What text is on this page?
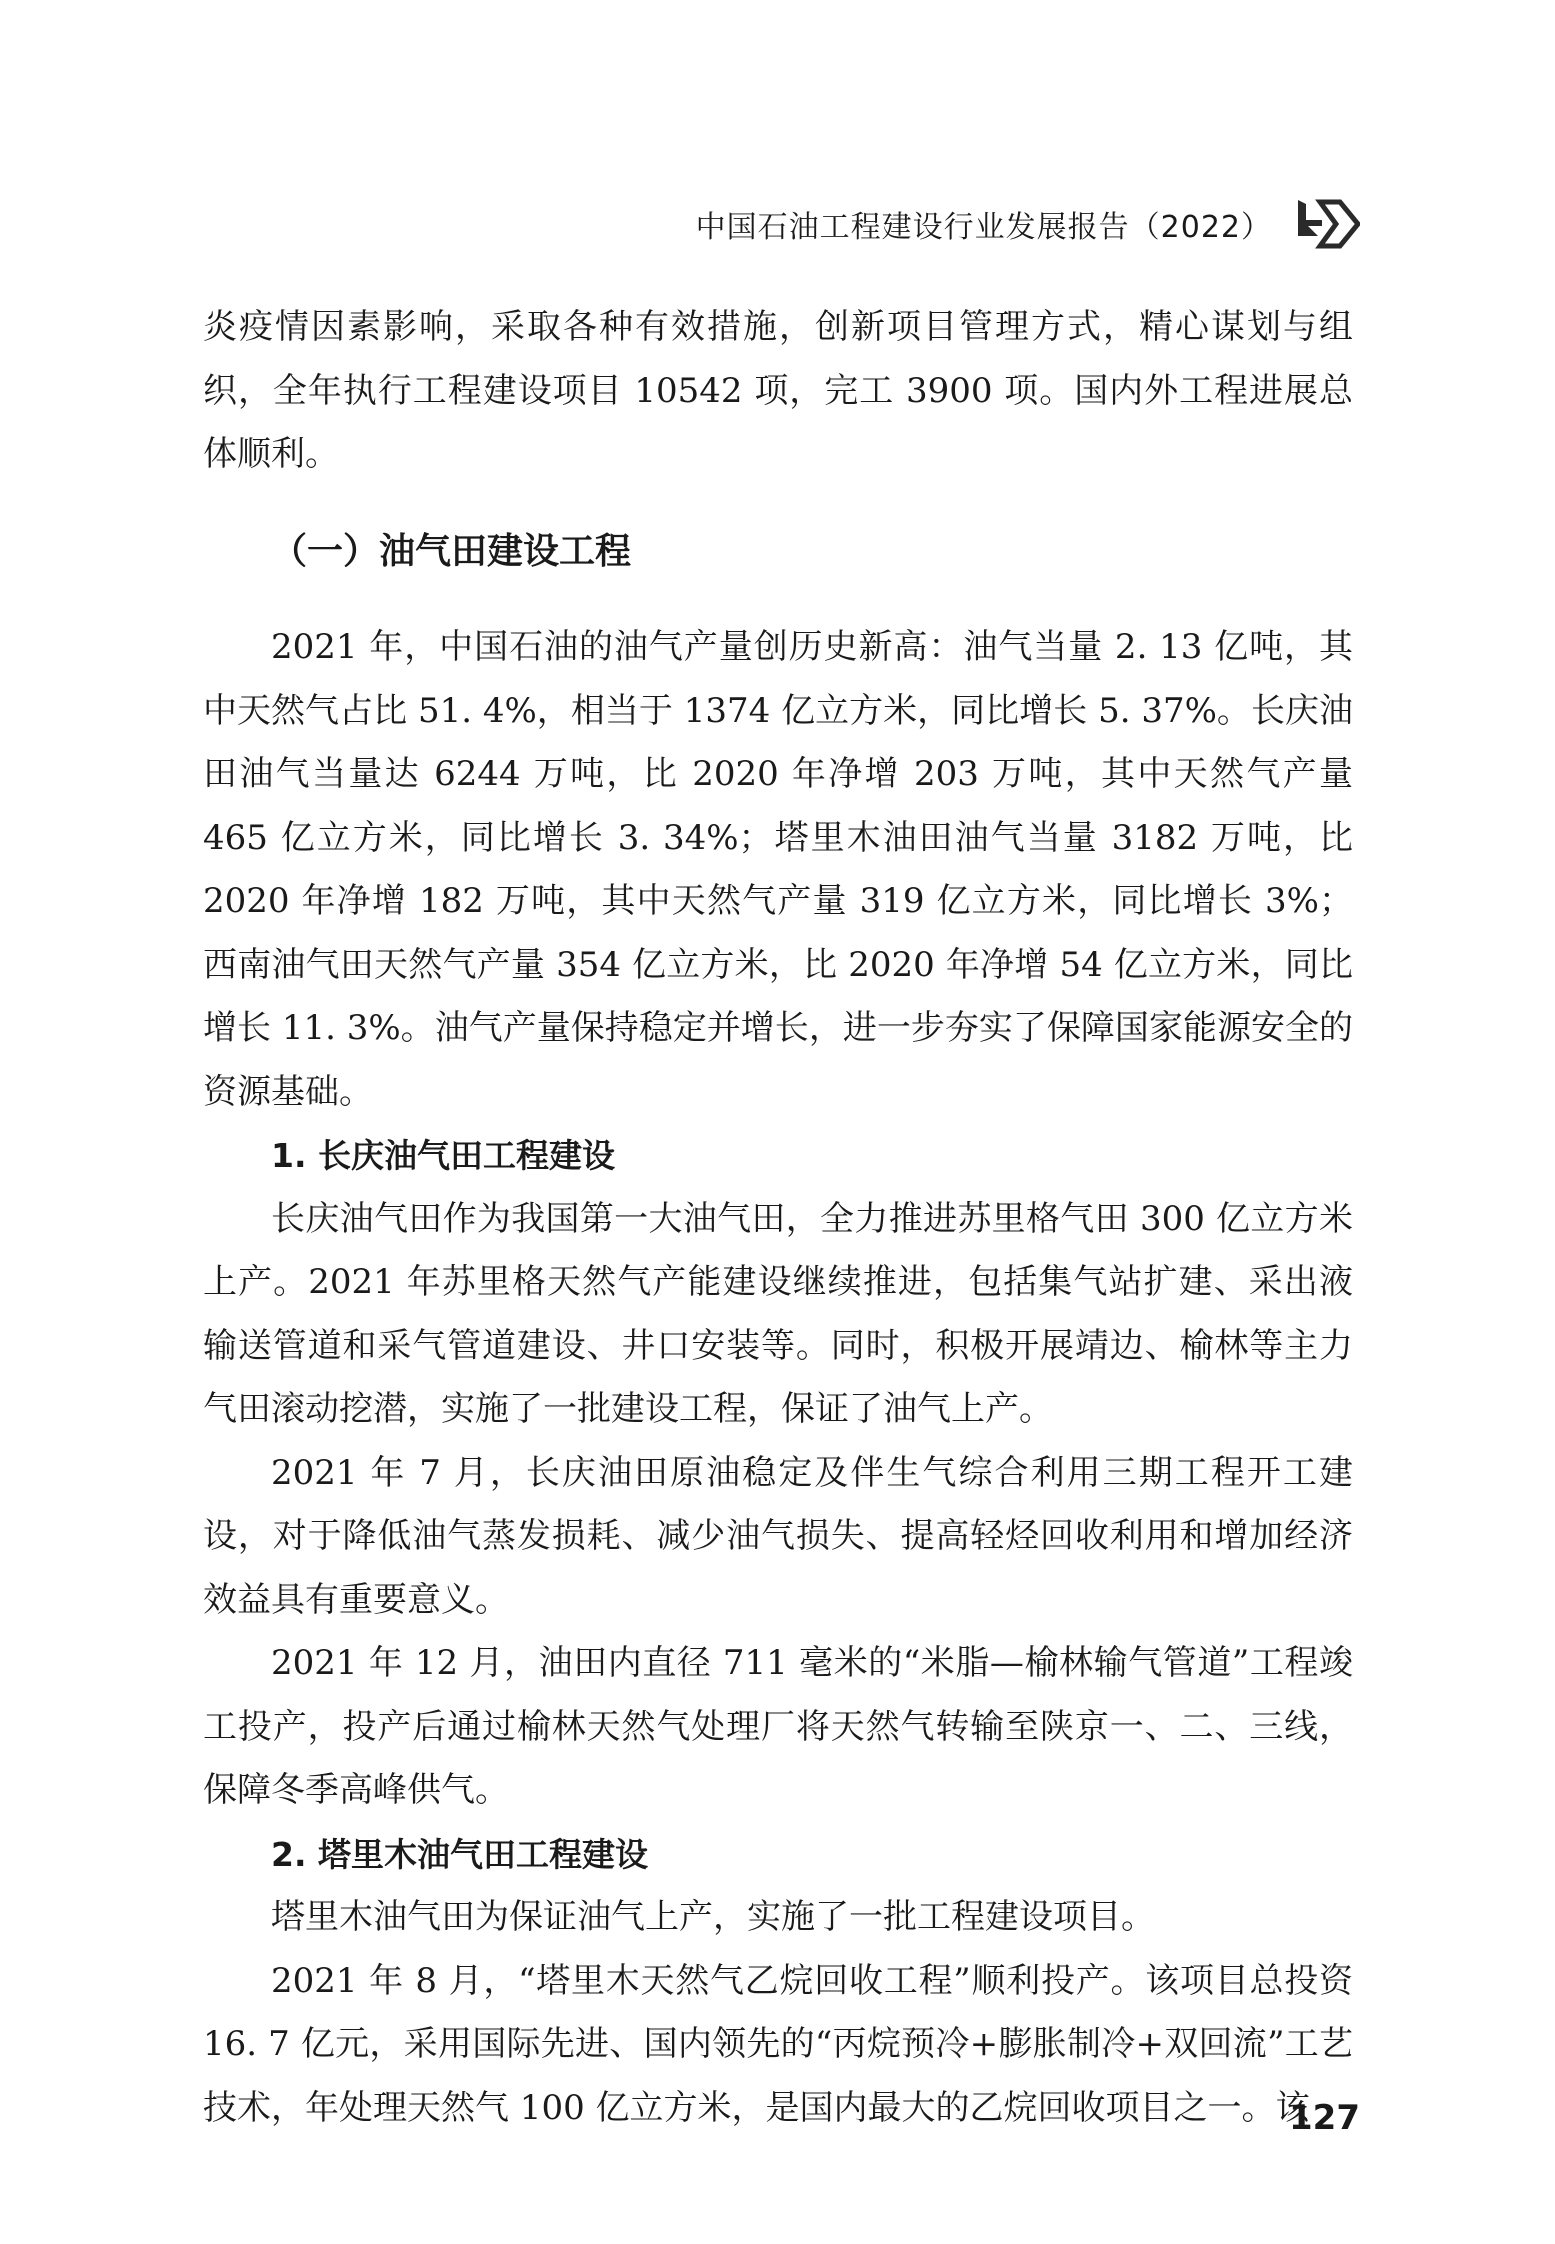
中国石油工程建设行业发展报告（2022）

炎疫情因素影响，采取各种有效措施，创新项目管理方式，精心谋划与组织，全年执行工程建设项目 10542 项，完工 3900 项。国内外工程进展总体顺利。

（一）油气田建设工程

2021 年，中国石油的油气产量创历史新高：油气当量 2. 13 亿吨，其中天然气占比 51. 4%，相当于 1374 亿立方米，同比增长 5. 37%。长庆油田油气当量达 6244 万吨，比 2020 年净增 203 万吨，其中天然气产量 465 亿立方米，同比增长 3. 34%；塔里木油田油气当量 3182 万吨，比 2020 年净增 182 万吨，其中天然气产量 319 亿立方米，同比增长 3%；西南油气田天然气产量 354 亿立方米，比 2020 年净增 54 亿立方米，同比增长 11. 3%。油气产量保持稳定并增长，进一步夯实了保障国家能源安全的资源基础。

1. 长庆油气田工程建设

长庆油气田作为我国第一大油气田，全力推进苏里格气田 300 亿立方米上产。2021 年苏里格天然气产能建设继续推进，包括集气站扩建、采出液输送管道和采气管道建设、井口安装等。同时，积极开展靖边、榆林等主力气田滚动挖潜，实施了一批建设工程，保证了油气上产。

2021 年 7 月，长庆油田原油稳定及伴生气综合利用三期工程开工建设，对于降低油气蒸发损耗、减少油气损失、提高轻烃回收利用和增加经济效益具有重要意义。

2021 年 12 月，油田内直径 711 毫米的“米脂—榆林输气管道”工程竣工投产，投产后通过榆林天然气处理厂将天然气转输至陕京一、二、三线，保障冬季高峰供气。

2. 塔里木油气田工程建设

塔里木油气田为保证油气上产，实施了一批工程建设项目。

2021 年 8 月，“塔里木天然气乙烷回收工程”顺利投产。该项目总投资 16. 7 亿元，采用国际先进、国内领先的“丙烷预冷+膨胀制冷+双回流”工艺技术，年处理天然气 100 亿立方米，是国内最大的乙烷回收项目之一。该

127
